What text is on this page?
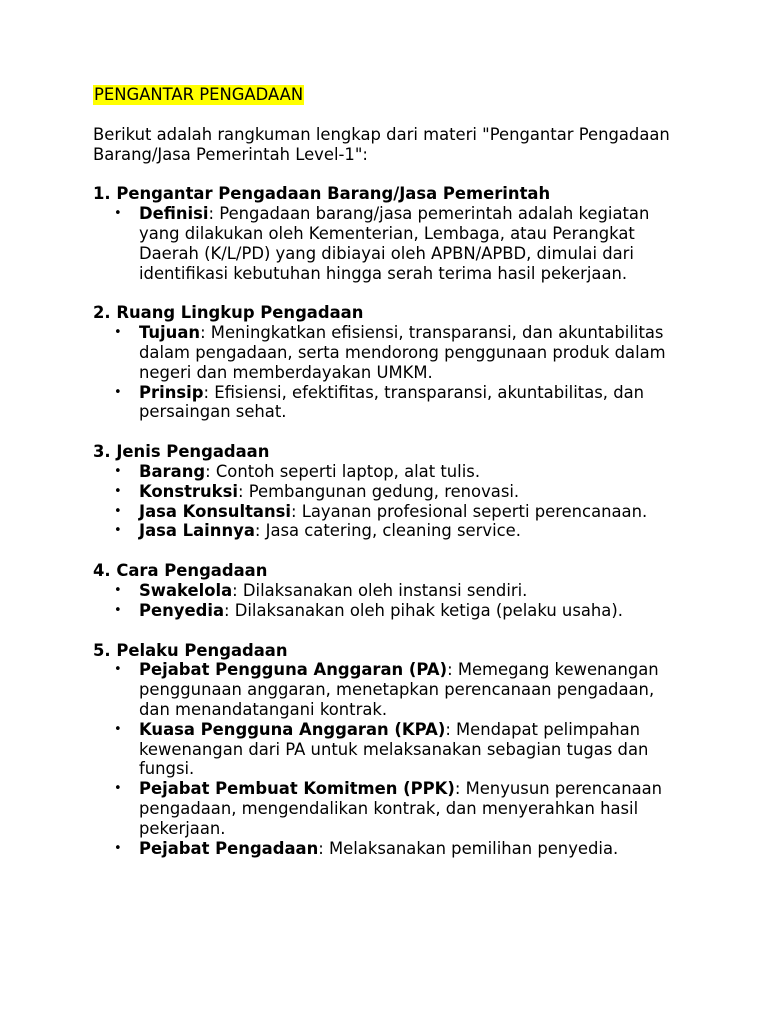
PENGANTAR PENGADAAN
Berikut adalah rangkuman lengkap dari materi "Pengantar Pengadaan Barang/Jasa Pemerintah Level-1":
1. Pengantar Pengadaan Barang/Jasa Pemerintah
• Definisi: Pengadaan barang/jasa pemerintah adalah kegiatan yang dilakukan oleh Kementerian, Lembaga, atau Perangkat Daerah (K/L/PD) yang dibiayai oleh APBN/APBD, dimulai dari identifikasi kebutuhan hingga serah terima hasil pekerjaan.
2. Ruang Lingkup Pengadaan
• Tujuan: Meningkatkan efisiensi, transparansi, dan akuntabilitas dalam pengadaan, serta mendorong penggunaan produk dalam negeri dan memberdayakan UMKM.
• Prinsip: Efisiensi, efektifitas, transparansi, akuntabilitas, dan persaingan sehat.
3. Jenis Pengadaan
• Barang: Contoh seperti laptop, alat tulis.
• Konstruksi: Pembangunan gedung, renovasi.
• Jasa Konsultansi: Layanan profesional seperti perencanaan.
• Jasa Lainnya: Jasa catering, cleaning service.
4. Cara Pengadaan
• Swakelola: Dilaksanakan oleh instansi sendiri.
• Penyedia: Dilaksanakan oleh pihak ketiga (pelaku usaha).
5. Pelaku Pengadaan
• Pejabat Pengguna Anggaran (PA): Memegang kewenangan penggunaan anggaran, menetapkan perencanaan pengadaan, dan menandatangani kontrak.
• Kuasa Pengguna Anggaran (KPA): Mendapat pelimpahan kewenangan dari PA untuk melaksanakan sebagian tugas dan fungsi.
• Pejabat Pembuat Komitmen (PPK): Menyusun perencanaan pengadaan, mengendalikan kontrak, dan menyerahkan hasil pekerjaan.
• Pejabat Pengadaan: Melaksanakan pemilihan penyedia.
